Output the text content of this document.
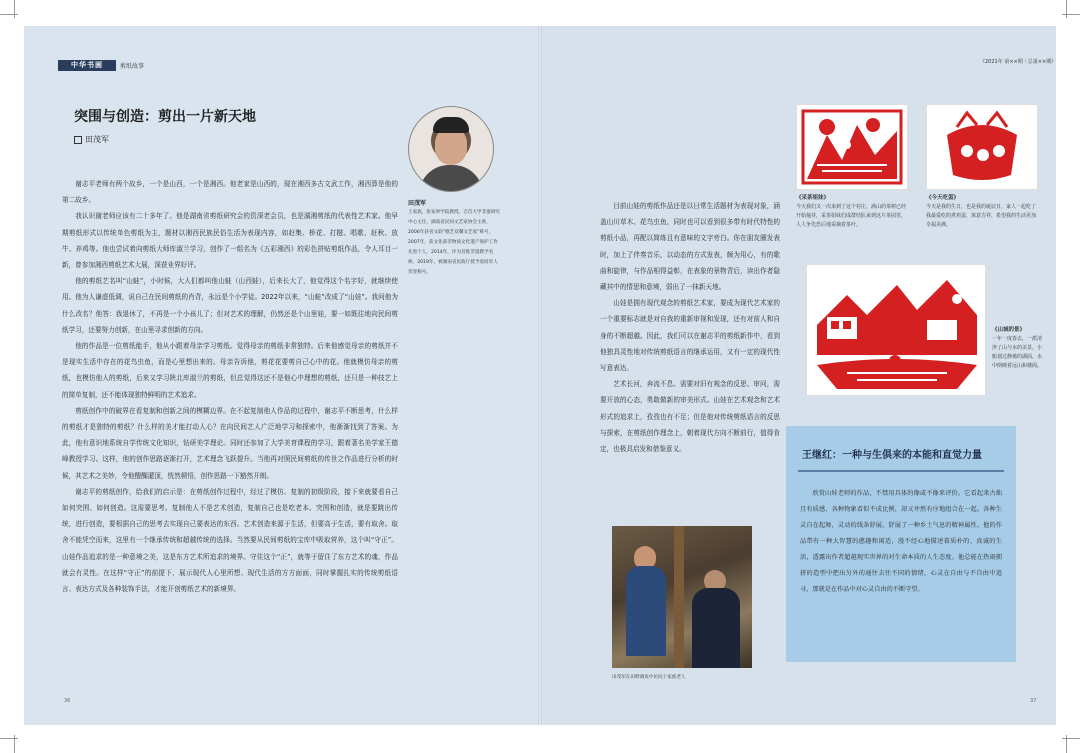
中华书画	剪纸故事
突围与创造：剪出一片新天地
田茂军
田茂军
土家族，张家界学院教授，吉首大学非遗研究中心主任，湖南省民间文艺家协会主席，2006年获省文联“德艺双馨文艺家”称号，2007年，获文化部非物质文化遗产保护工作先进个人，2014年，评为首批非遗教学名师，2019年，被湖南省民政厅授予退役军人荣誉称号。

谢志平老师有两个故乡，一个是山西，一个是湘西。他老家是山西的，现在湘西多古文武工作，湘西算是他的第二故乡。

我认识谢老师应该有二十多年了。他是湖南省剪纸研究会的资深老会员，也是湖湘剪纸的代表性艺术家。他早期剪纸形式以传统单色剪纸为主，题材以湘西民族民俗生活为表现内容，如赶集、桥花、打糍、唱歌、赶秋、放牛、养鸡等。他也尝试着向剪纸大师库淑兰学习，创作了一组名为《五彩湘西》的彩色拼贴剪纸作品，令人耳目一新，曾参加湘西剪纸艺术大展，深获业界好评。

他的剪纸艺名叫“山蛙”，小时候，大人们都叫他山蛙（山西蛙），后来长大了，他觉得这个名字好，就继续使用。他为人谦虚低调，说自己在民间剪纸的肖背，永远是个小学徒。2022年以来，“山蛙”改成了“山娃”。我问他为什么改名？他答：我退休了，不再是一个小孩儿了；但对艺术的理解，仍然还是个山里娃，要一如既往地向民间剪纸学习，还要努力创新，在山里寻求创新的方向。

他的作品是一位剪纸能手，他从小跟着母亲学习剪纸。觉得母亲的剪纸非常独特。后来他感觉母亲的剪纸并不是现实生活中存在的花鸟虫鱼，而是心里想出来的。母亲告诉他，剪花花要剪自己心中的花。他就模仿母亲的剪纸，也模仿他人的剪纸，后来又学习陕北库淑兰的剪纸，但总觉得这还不是他心中理想的剪纸，还只是一种技艺上的简单复制，还不能体现独特鲜明的艺术追求。

剪纸创作中的破界在看复制和创新之间的模糊边界。在不起复制他人作品的过程中，谢志平不断思考，什么样的剪纸才是独特的剪纸？什么样的美才能打动人心？在向民间艺人广泛地学习和探索中，他渐渐找到了答案。为此，他有意识地系统自学传统文化知识，钻研美学理论。同时还参加了大学美育课程的学习，跟着著名美学家王德峰教授学习。这样，他的创作思路逐渐打开，艺术理念飞跃提升。当他再对照民间剪纸的传世之作品进行分析的时候，其艺术之美妙，令他醍醐灌顶，恍然顿悟，创作思路一下豁然开朗。

谢志平的剪纸创作，给我们的启示是：在剪纸创作过程中，经过了模仿、复制的初级阶段，接下来就要看自己如何突围、如何创造。这需要思考。复制他人不是艺术创造，复制自己也是吃老本。突围和创造，就是要跳出传统，进行创造，要根据自己的思考去实现自己要表达的东西。艺术创造来源于生活，但要高于生活，要有取舍。取舍不能凭空而来，这里有一个继承传统和超越传统的选择。当然要从民间剪纸的宝库中吸取营养，这个叫“守正”。山娃作品追求的是一种意境之美，这是东方艺术所追求的境界。守住这个“正”，就等于留住了东方艺术的魂，作品就会有灵性。在这样“守正”的前提下，展示现代人心里所想、现代生活的方方面面，同时掌握扎实的传统剪纸语言、表达方式及各种装饰手法，才能开创剪纸艺术的新境界。

36
《2021年 第××期｜总第××期》

目前山娃的剪纸作品还是以日常生活题材为表现对象，涵盖山川草木、花鸟虫鱼，同时也可以看到很多带有时代特性的剪纸小品，再配以简练且有意味的文字旁白。你在朋友圈发表时，加上了伴奏音乐，以动态的方式发表，颇为用心，有的歌曲和旋律，与作品相得益彰，在表象的景物背后，读出作者隐藏其中的情思和意境，弱出了一抹新天地。

山娃是拥有现代观念的剪纸艺术家，要成为现代艺术家的一个重要标志就是对自我的重新审视和发现，还有对前人和自身的不断超越。因此，我们可以在谢志平的剪纸新作中，看到他独具灵性地对传统剪纸语言的继承运用，又有一定的现代性写意表达。

艺术长河，奔流不息。需要对旧有观念的反思、审问，需要开放的心态，勇敢做新的审美形式。山娃在艺术观念和艺术形式的追求上，孜孜也有不足；但是他对传统剪纸语言的反思与探索，在剪纸创作理念上，朝着现代方向不断前行，值得肯定，也极具启发和借鉴意义。

《采茶姐妹》
今天我们又一次来到了这个村庄，满山的茶树已经开始抽芽，采茶姐妹们成群结队来到这片茶园里，人人争先恐后地采摘着茶叶。
《今天吃蛋》
今天是我的生日，也是我的诞辰日，家人一起吃了我最爱吃的煮鸡蛋，寓意吉祥，希望我的生活更加幸福美满。
《山城的景》
一年一度春去，一派清净了山与水的美景，小船划过静谧的湖面，水中倒映着远山和楼阁。
王继红：一种与生俱来的本能和直觉力量
欣赏山娃老师的作品，不禁用具体的像或不像来评价。它看起来古拙且有质感，各种物象看似不成比例，却又井然有序地组合在一起。各种生灵自在起舞，灵动的线条舒展，舒展了一种乡土气息的精神属性。他的作品带有一种大智慧的憨趣和闲适，漫不经心地描述着质朴的、真诚的生活，透露出作者超越现实世界的对生命本质的人生态度。他总能在热闹拥挤的造型中把出另外的通往去往不同的情绪，心灵在自由与不自由中追寻，那就是在作品中对心灵自由的不断守望。
田茂军在田野调查中访问土家族老人
37
